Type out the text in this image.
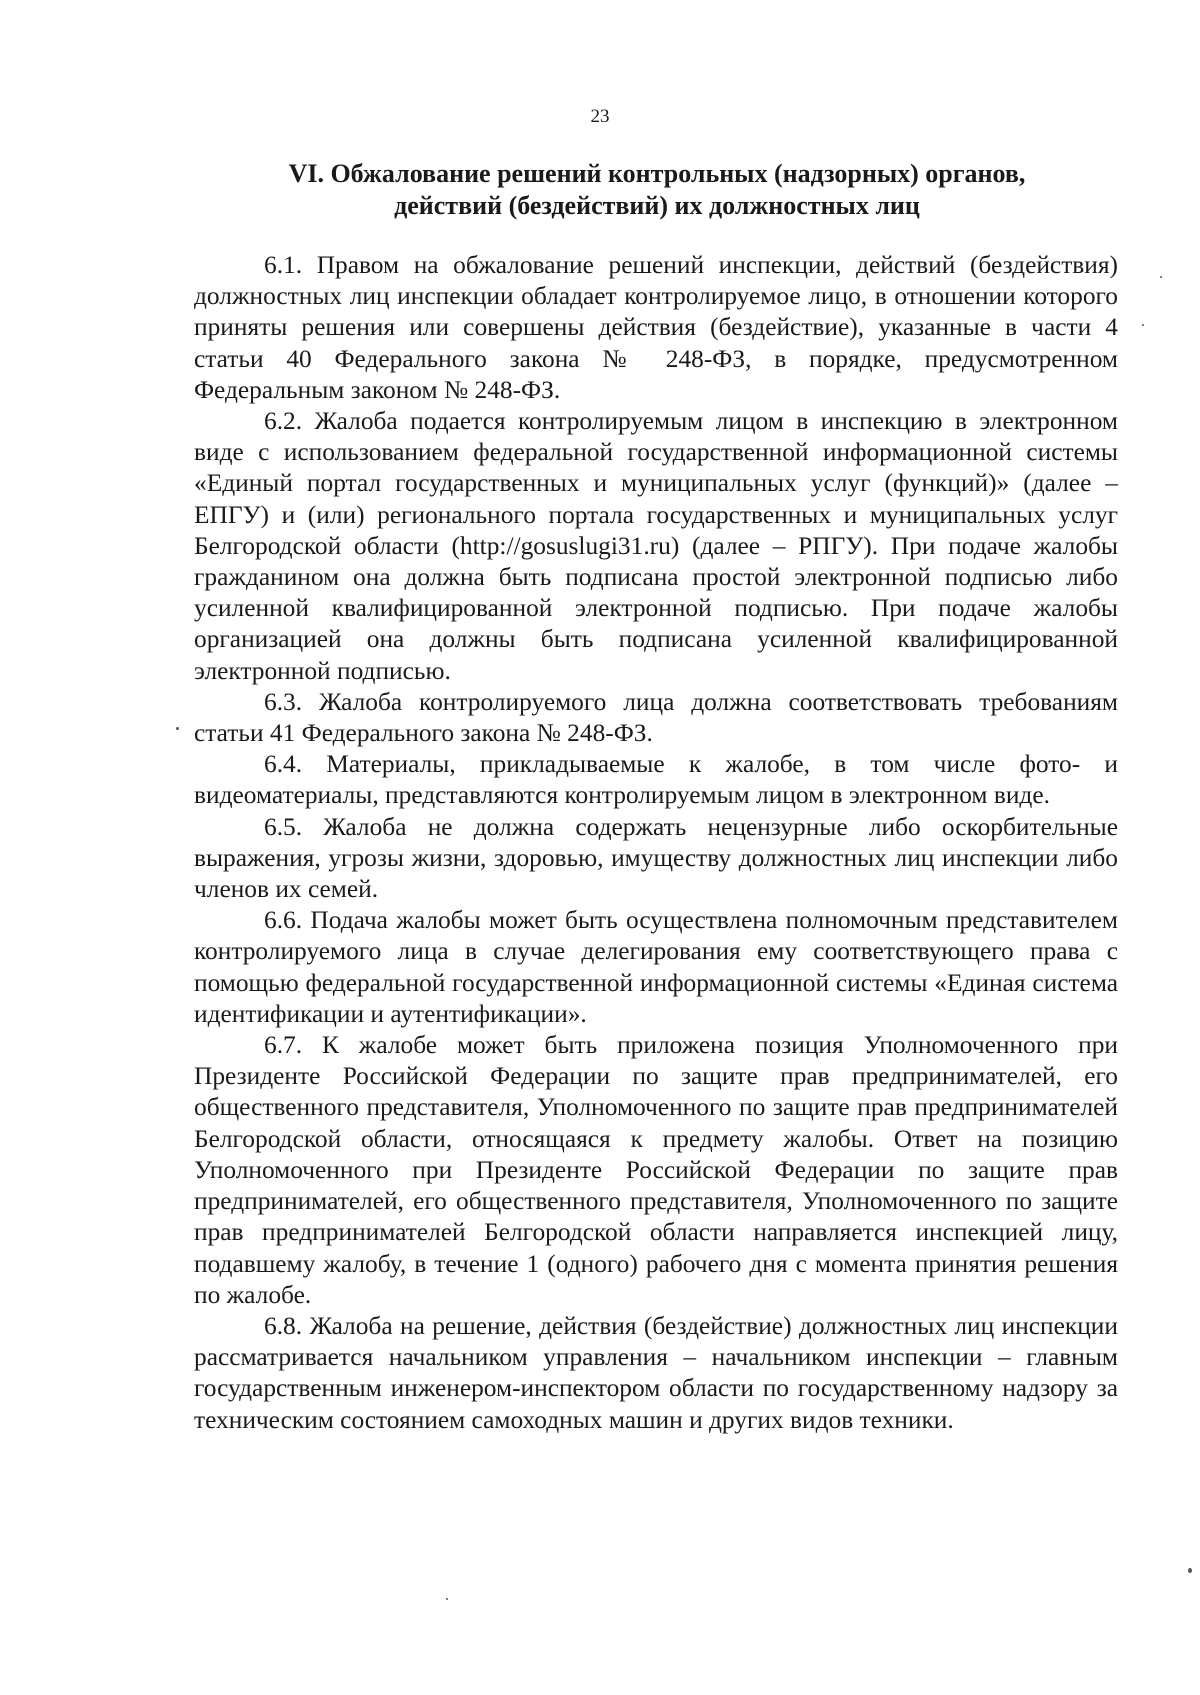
23
VI. Обжалование решений контрольных (надзорных) органов,
действий (бездействий) их должностных лиц

6.1. Правом на обжалование решений инспекции, действий (бездействия) должностных лиц инспекции обладает контролируемое лицо, в отношении которого приняты решения или совершены действия (бездействие), указанные в части 4 статьи 40 Федерального закона № 248-ФЗ, в порядке, предусмотренном Федеральным законом № 248-ФЗ.

6.2. Жалоба подается контролируемым лицом в инспекцию в электронном виде с использованием федеральной государственной информационной системы «Единый портал государственных и муниципальных услуг (функций)» (далее – ЕПГУ) и (или) регионального портала государственных и муниципальных услуг Белгородской области (http://gosuslugi31.ru) (далее – РПГУ). При подаче жалобы гражданином она должна быть подписана простой электронной подписью либо усиленной квалифицированной электронной подписью. При подаче жалобы организацией она должны быть подписана усиленной квалифицированной электронной подписью.

6.3. Жалоба контролируемого лица должна соответствовать требованиям статьи 41 Федерального закона № 248-ФЗ.

6.4. Материалы, прикладываемые к жалобе, в том числе фото- и видеоматериалы, представляются контролируемым лицом в электронном виде.

6.5. Жалоба не должна содержать нецензурные либо оскорбительные выражения, угрозы жизни, здоровью, имуществу должностных лиц инспекции либо членов их семей.

6.6. Подача жалобы может быть осуществлена полномочным представителем контролируемого лица в случае делегирования ему соответствующего права с помощью федеральной государственной информационной системы «Единая система идентификации и аутентификации».

6.7. К жалобе может быть приложена позиция Уполномоченного при Президенте Российской Федерации по защите прав предпринимателей, его общественного представителя, Уполномоченного по защите прав предпринимателей Белгородской области, относящаяся к предмету жалобы. Ответ на позицию Уполномоченного при Президенте Российской Федерации по защите прав предпринимателей, его общественного представителя, Уполномоченного по защите прав предпринимателей Белгородской области направляется инспекцией лицу, подавшему жалобу, в течение 1 (одного) рабочего дня с момента принятия решения по жалобе.

6.8. Жалоба на решение, действия (бездействие) должностных лиц инспекции рассматривается начальником управления – начальником инспекции – главным государственным инженером-инспектором области по государственному надзору за техническим состоянием самоходных машин и других видов техники.
